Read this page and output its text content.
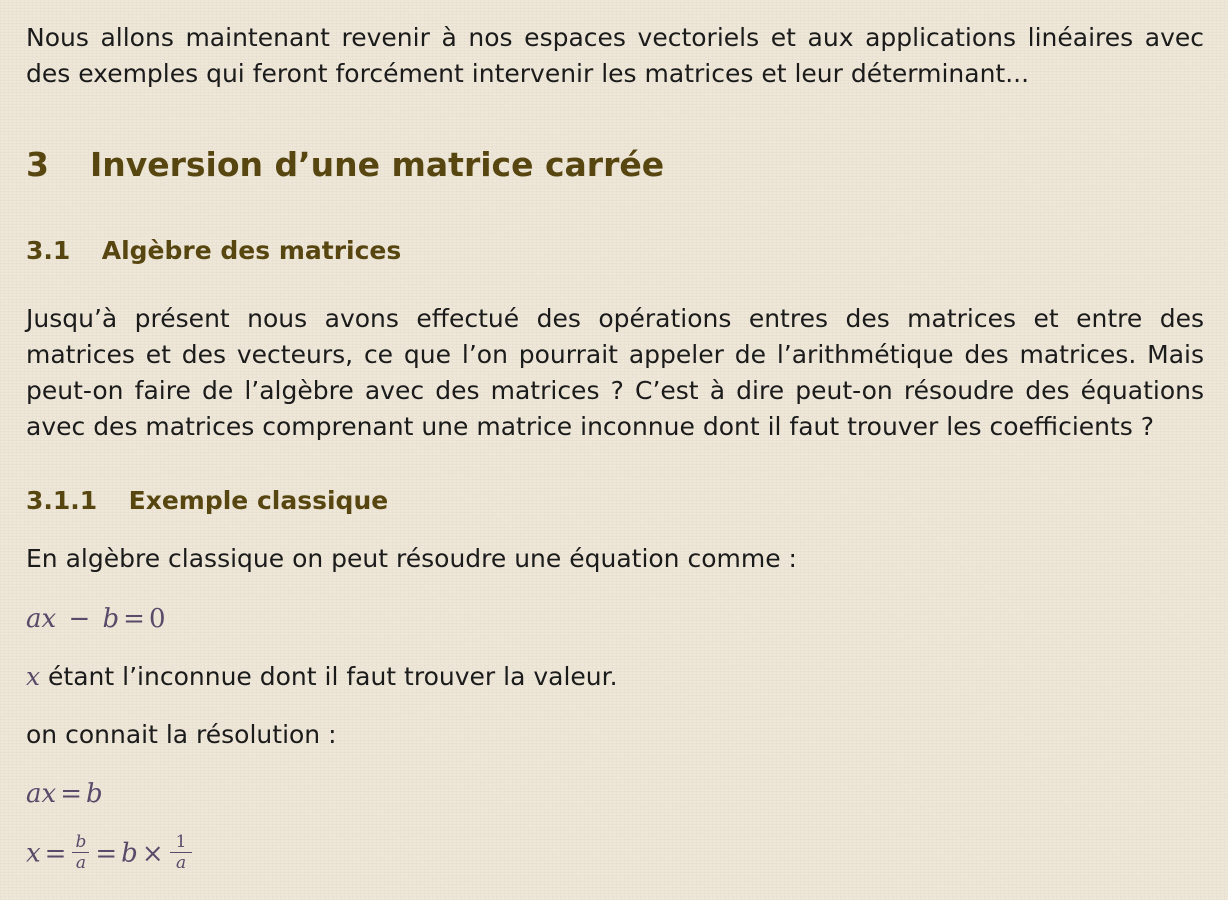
Nous allons maintenant revenir à nos espaces vectoriels et aux applications linéaires avec des exemples qui feront forcément intervenir les matrices et leur déterminant...

3 Inversion d’une matrice carrée
3.1 Algèbre des matrices

Jusqu’à présent nous avons effectué des opérations entres des matrices et entre des matrices et des vecteurs, ce que l’on pourrait appeler de l’arithmétique des matrices. Mais peut-on faire de l’algèbre avec des matrices ? C’est à dire peut-on résoudre des équations avec des matrices comprenant une matrice inconnue dont il faut trouver les coefficients ?

3.1.1 Exemple classique

En algèbre classique on peut résoudre une équation comme :

ax − b = 0

x étant l’inconnue dont il faut trouver la valeur.

on connait la résolution :

ax = b
$x = \frac{b}{a} = b \times \frac{1}{a}$
